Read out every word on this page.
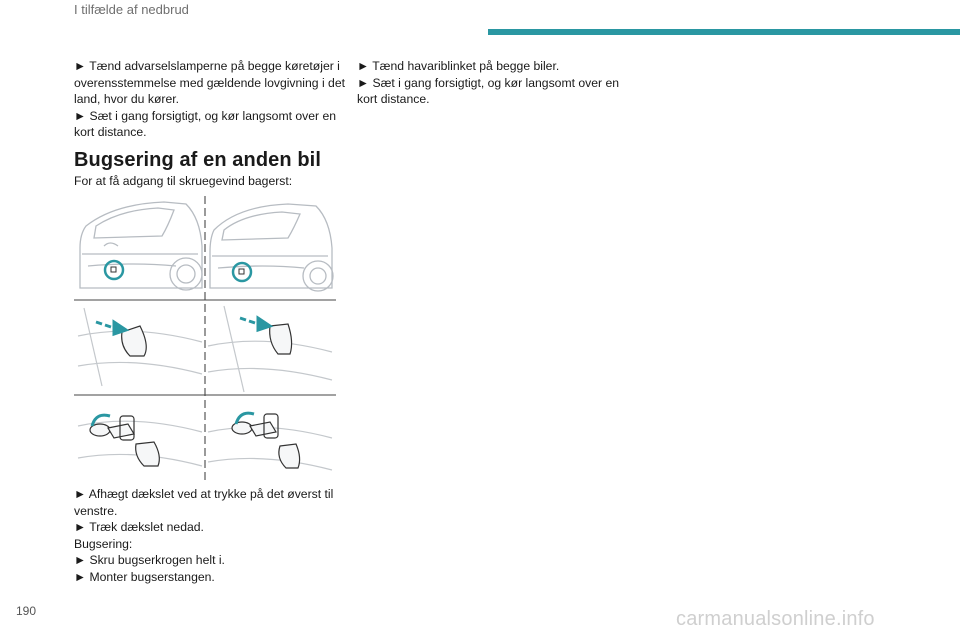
I tilfælde af nedbrud

► Tænd advarselslamperne på begge køretøjer i overensstemmelse med gældende lovgivning i det land, hvor du kører.

► Sæt i gang forsigtigt, og kør langsomt over en kort distance.

Bugsering af en anden bil
For at få adgang til skruegevind bagerst:

► Afhægt dækslet ved at trykke på det øverst til venstre.

► Træk dækslet nedad.

Bugsering:

► Skru bugserkrogen helt i.

► Monter bugserstangen.

► Tænd havariblinket på begge biler.

► Sæt i gang forsigtigt, og kør langsomt over en kort distance.

190	carmanualsonline.info
